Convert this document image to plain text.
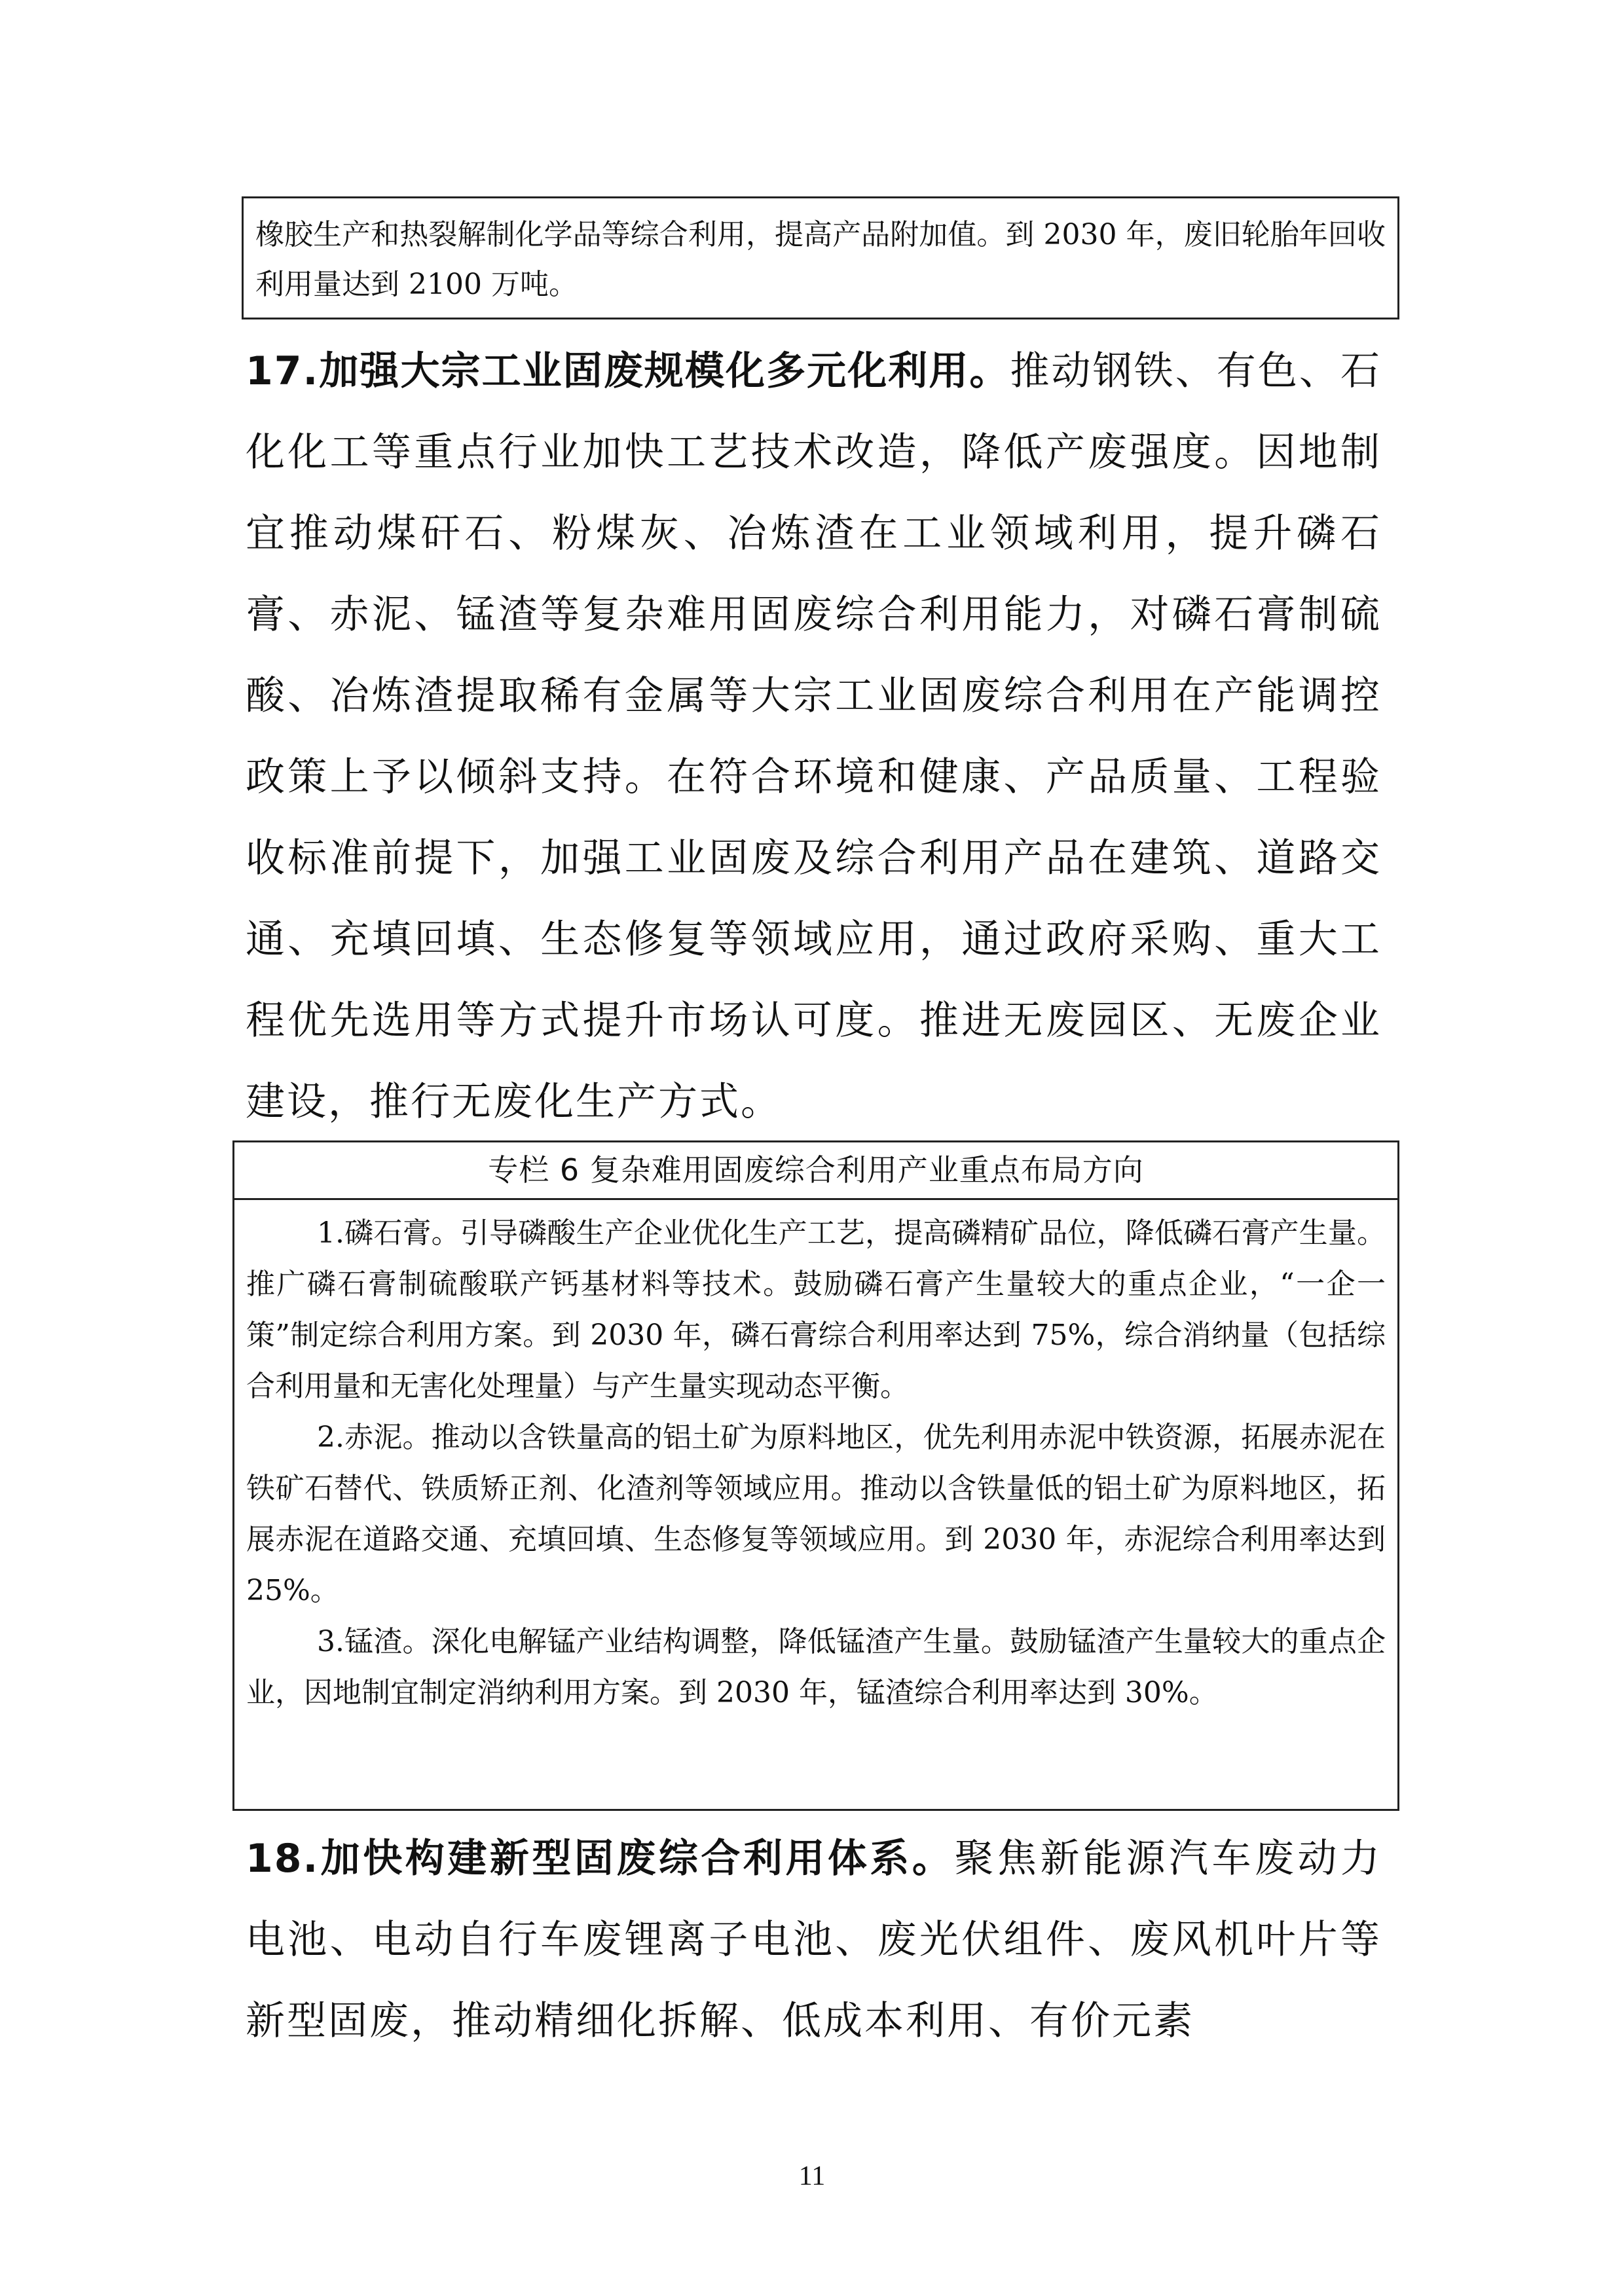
橡胶生产和热裂解制化学品等综合利用，提高产品附加值。到 2030 年，废旧轮胎年回收利用量达到 2100 万吨。

17.加强大宗工业固废规模化多元化利用。推动钢铁、有色、石化化工等重点行业加快工艺技术改造，降低产废强度。因地制宜推动煤矸石、粉煤灰、冶炼渣在工业领域利用，提升磷石膏、赤泥、锰渣等复杂难用固废综合利用能力，对磷石膏制硫酸、冶炼渣提取稀有金属等大宗工业固废综合利用在产能调控政策上予以倾斜支持。在符合环境和健康、产品质量、工程验收标准前提下，加强工业固废及综合利用产品在建筑、道路交通、充填回填、生态修复等领域应用，通过政府采购、重大工程优先选用等方式提升市场认可度。推进无废园区、无废企业建设，推行无废化生产方式。

专栏 6 复杂难用固废综合利用产业重点布局方向

1.磷石膏。引导磷酸生产企业优化生产工艺，提高磷精矿品位，降低磷石膏产生量。推广磷石膏制硫酸联产钙基材料等技术。鼓励磷石膏产生量较大的重点企业，“一企一策”制定综合利用方案。到 2030 年，磷石膏综合利用率达到 75%，综合消纳量（包括综合利用量和无害化处理量）与产生量实现动态平衡。

2.赤泥。推动以含铁量高的铝土矿为原料地区，优先利用赤泥中铁资源，拓展赤泥在铁矿石替代、铁质矫正剂、化渣剂等领域应用。推动以含铁量低的铝土矿为原料地区，拓展赤泥在道路交通、充填回填、生态修复等领域应用。到 2030 年，赤泥综合利用率达到 25%。

3.锰渣。深化电解锰产业结构调整，降低锰渣产生量。鼓励锰渣产生量较大的重点企业，因地制宜制定消纳利用方案。到 2030 年，锰渣综合利用率达到 30%。

18.加快构建新型固废综合利用体系。聚焦新能源汽车废动力电池、电动自行车废锂离子电池、废光伏组件、废风机叶片等新型固废，推动精细化拆解、低成本利用、有价元素

11
